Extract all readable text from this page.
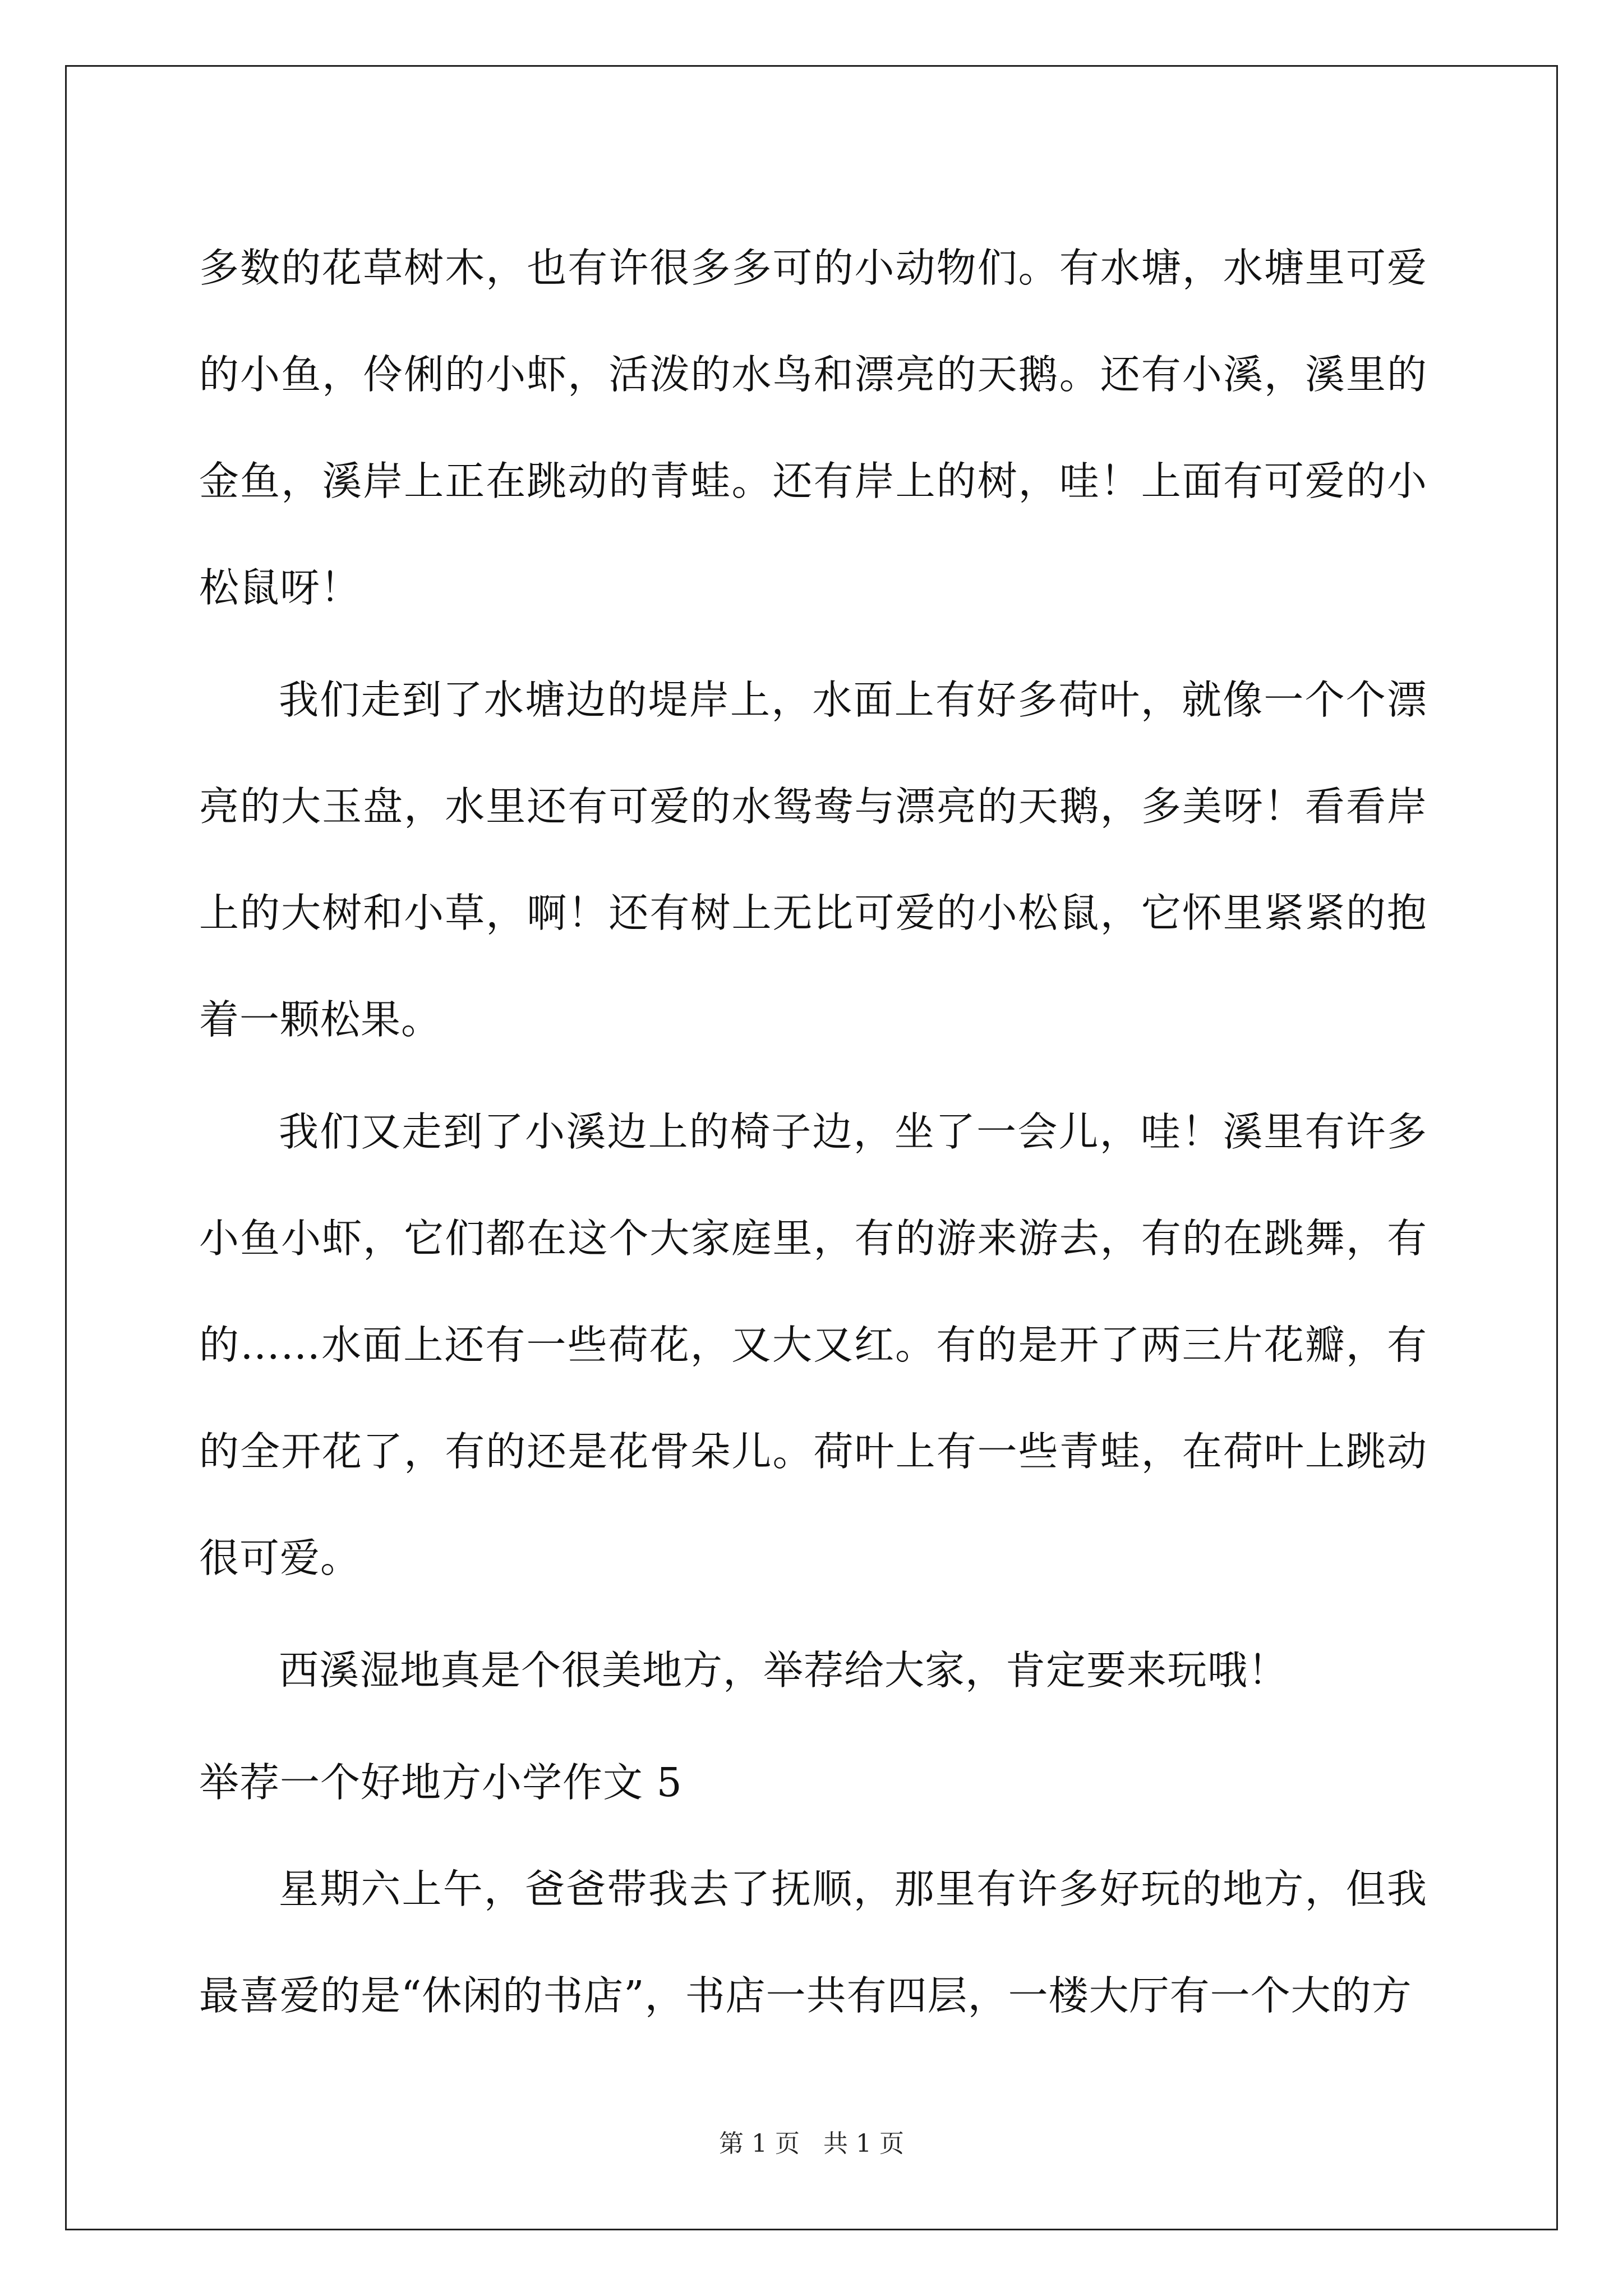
多数的花草树木，也有许很多多可的小动物们。有水塘，水塘里可爱的小鱼，伶俐的小虾，活泼的水鸟和漂亮的天鹅。还有小溪，溪里的金鱼，溪岸上正在跳动的青蛙。还有岸上的树，哇！上面有可爱的小松鼠呀！

我们走到了水塘边的堤岸上，水面上有好多荷叶，就像一个个漂亮的大玉盘，水里还有可爱的水鸳鸯与漂亮的天鹅，多美呀！看看岸上的大树和小草，啊！还有树上无比可爱的小松鼠，它怀里紧紧的抱着一颗松果。

我们又走到了小溪边上的椅子边，坐了一会儿，哇！溪里有许多小鱼小虾，它们都在这个大家庭里，有的游来游去，有的在跳舞，有的……水面上还有一些荷花，又大又红。有的是开了两三片花瓣，有的全开花了，有的还是花骨朵儿。荷叶上有一些青蛙，在荷叶上跳动很可爱。

西溪湿地真是个很美地方，举荐给大家，肯定要来玩哦！

举荐一个好地方小学作文 5

星期六上午，爸爸带我去了抚顺，那里有许多好玩的地方，但我最喜爱的是“休闲的书店”，书店一共有四层，一楼大厅有一个大的方

第 1 页 共 1 页
